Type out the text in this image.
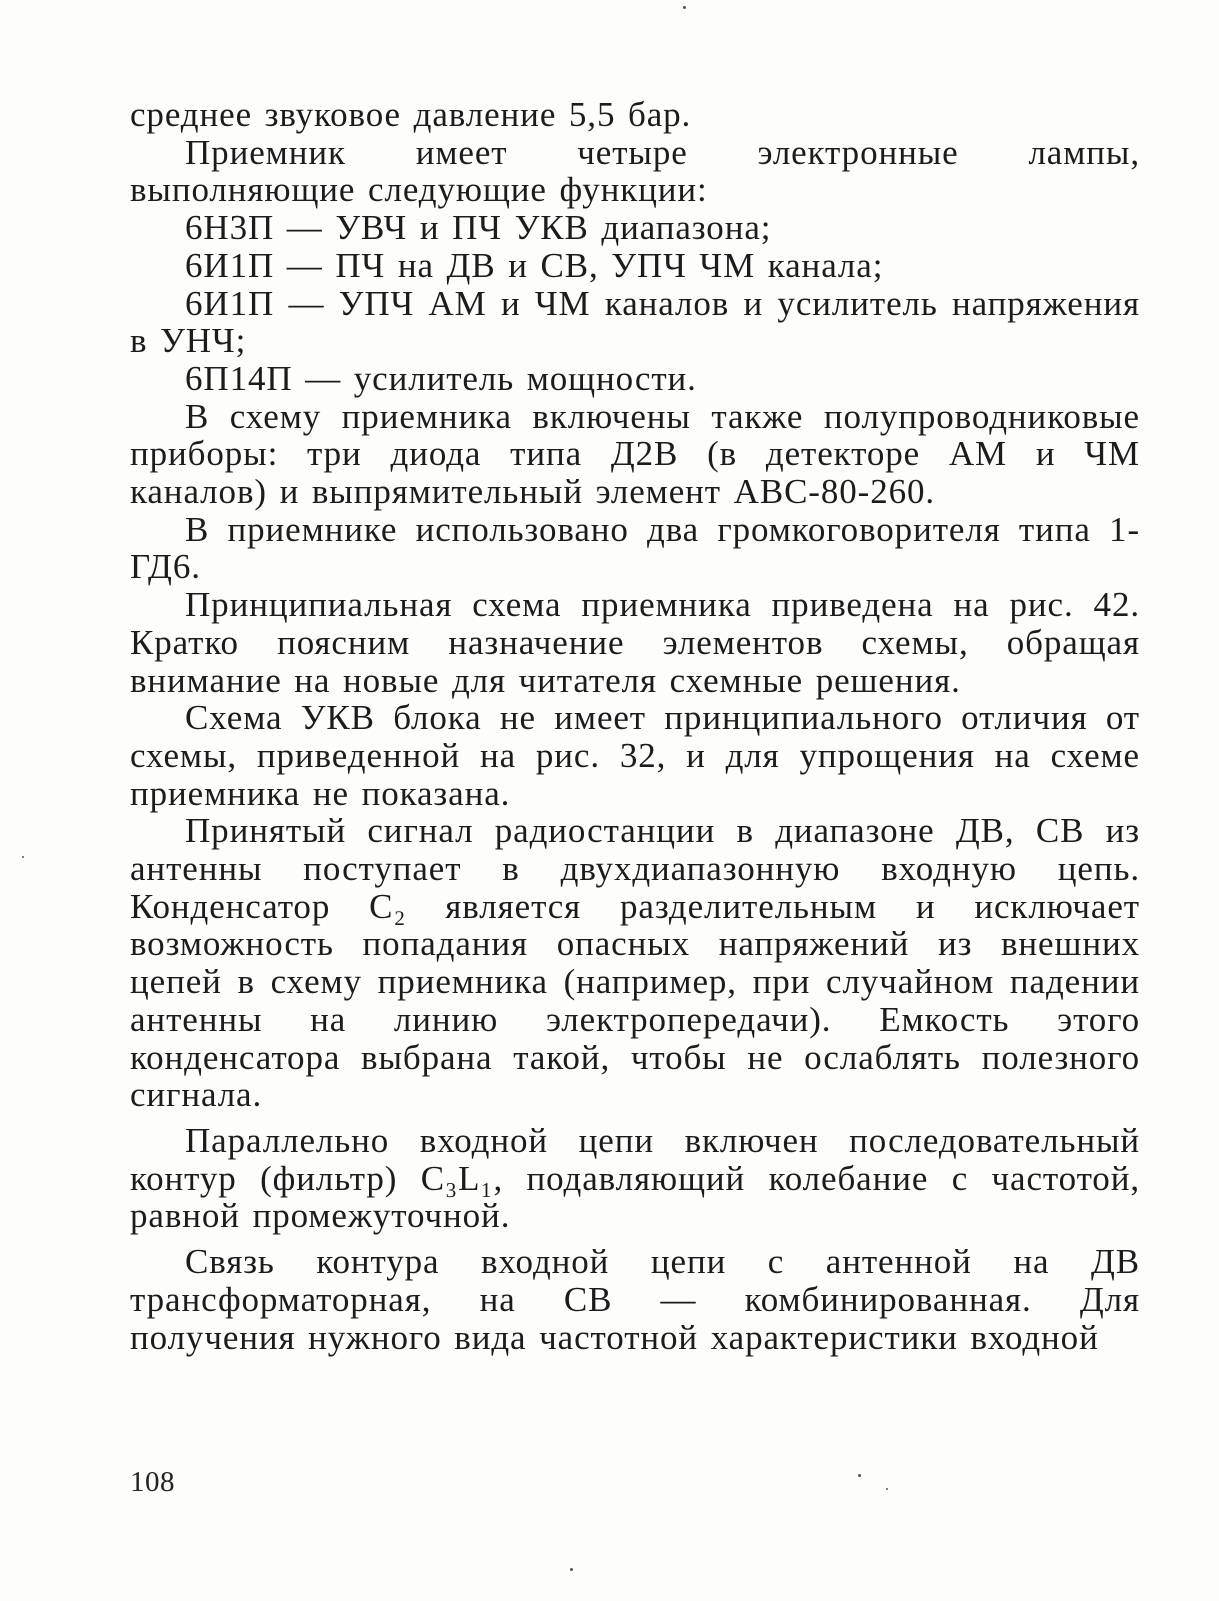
среднее звуковое давление 5,5 бар.

Приемник имеет четыре электронные лампы, выполняющие следующие функции:

6Н3П — УВЧ и ПЧ УКВ диапазона;

6И1П — ПЧ на ДВ и СВ, УПЧ ЧМ канала;

6И1П — УПЧ АМ и ЧМ каналов и усилитель напряжения в УНЧ;

6П14П — усилитель мощности.

В схему приемника включены также полупроводниковые приборы: три диода типа Д2В (в детекторе АМ и ЧМ каналов) и выпрямительный элемент АВС-80-260.

В приемнике использовано два громкоговорителя типа 1-ГД6.

Принципиальная схема приемника приведена на рис. 42. Кратко поясним назначение элементов схемы, обращая внимание на новые для читателя схемные решения.

Схема УКВ блока не имеет принципиального отличия от схемы, приведенной на рис. 32, и для упрощения на схеме приемника не показана.

Принятый сигнал радиостанции в диапазоне ДВ, СВ из антенны поступает в двухдиапазонную входную цепь. Конденсатор C₂ является разделительным и исключает возможность попадания опасных напряжений из внешних цепей в схему приемника (например, при случайном падении антенны на линию электропередачи). Емкость этого конденсатора выбрана такой, чтобы не ослаблять полезного сигнала.

Параллельно входной цепи включен последовательный контур (фильтр) C₃L₁, подавляющий колебание с частотой, равной промежуточной.

Связь контура входной цепи с антенной на ДВ трансформаторная, на СВ — комбинированная. Для получения нужного вида частотной характеристики входной

108
